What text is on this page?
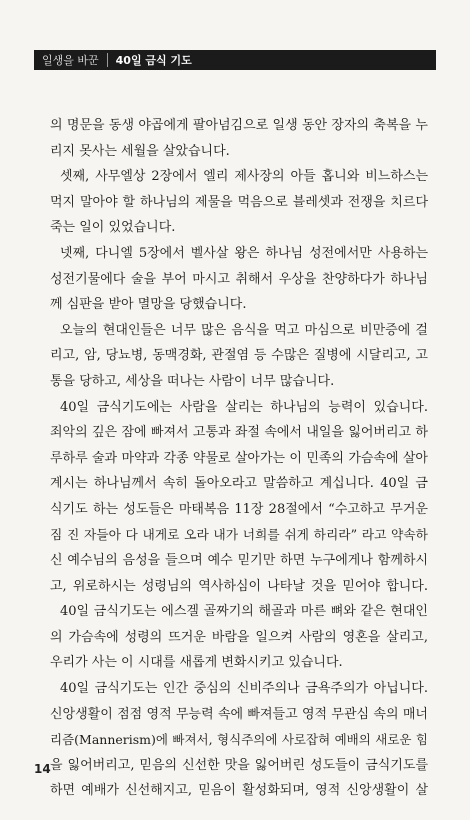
일생을 바꾼	40일 금식 기도
의 명문을 동생 야곱에게 팔아넘김으로 일생 동안 장자의 축복을 누
리지 못사는 세월을 살았습니다.
셋째, 사무엘상 2장에서 엘리 제사장의 아들 홉니와 비느하스는
먹지 말아야 할 하나님의 제물을 먹음으로 블레셋과 전쟁을 치르다
죽는 일이 있었습니다.
넷째, 다니엘 5장에서 벨사살 왕은 하나님 성전에서만 사용하는
성전기물에다 술을 부어 마시고 취해서 우상을 찬양하다가 하나님
께 심판을 받아 멸망을 당했습니다.
오늘의 현대인들은 너무 많은 음식을 먹고 마심으로 비만증에 걸
리고, 암, 당뇨병, 동맥경화, 관절염 등 수많은 질병에 시달리고, 고
통을 당하고, 세상을 떠나는 사람이 너무 많습니다.
40일 금식기도에는 사람을 살리는 하나님의 능력이 있습니다.
죄악의 깊은 잠에 빠져서 고통과 좌절 속에서 내일을 잃어버리고 하
루하루 술과 마약과 각종 약물로 살아가는 이 민족의 가슴속에 살아
계시는 하나님께서 속히 돌아오라고 말씀하고 계십니다. 40일 금
식기도 하는 성도들은 마태복음 11장 28절에서 “수고하고 무거운
짐 진 자들아 다 내게로 오라 내가 너희를 쉬게 하리라” 라고 약속하
신 예수님의 음성을 들으며 예수 믿기만 하면 누구에게나 함께하시
고, 위로하시는 성령님의 역사하심이 나타날 것을 믿어야 합니다.
40일 금식기도는 에스겔 골짜기의 해골과 마른 뼈와 같은 현대인
의 가슴속에 성령의 뜨거운 바람을 일으켜 사람의 영혼을 살리고,
우리가 사는 이 시대를 새롭게 변화시키고 있습니다.
40일 금식기도는 인간 중심의 신비주의나 금욕주의가 아닙니다.
신앙생활이 점점 영적 무능력 속에 빠져들고 영적 무관심 속의 매너
리즘(Mannerism)에 빠져서, 형식주의에 사로잡혀 예배의 새로운 힘
을 잃어버리고, 믿음의 신선한 맛을 잃어버린 성도들이 금식기도를
하면 예배가 신선해지고, 믿음이 활성화되며, 영적 신앙생활이 살
14
